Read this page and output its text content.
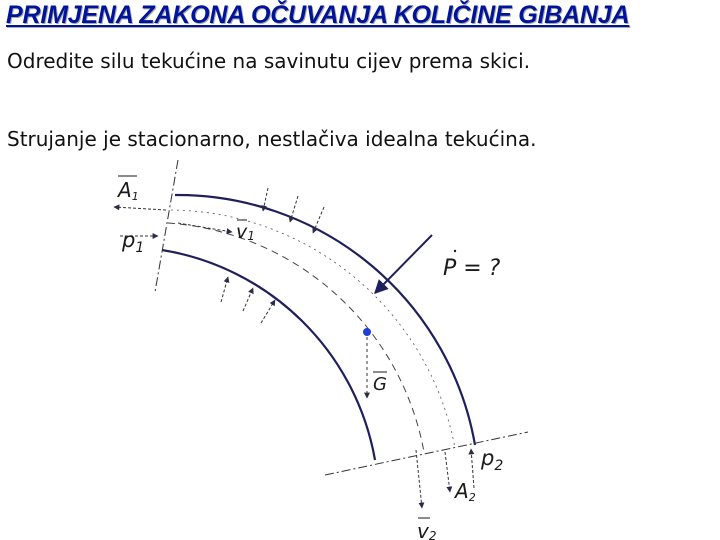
PRIMJENA ZAKONA OČUVANJA KOLIČINE GIBANJA

Odredite silu tekućine na savinutu cijev prema skici.

Strujanje je stacionarno, nestlačiva idealna tekućina.

A1
$p_1$
v1
P = ?
G
$p_2$
A2
v2
